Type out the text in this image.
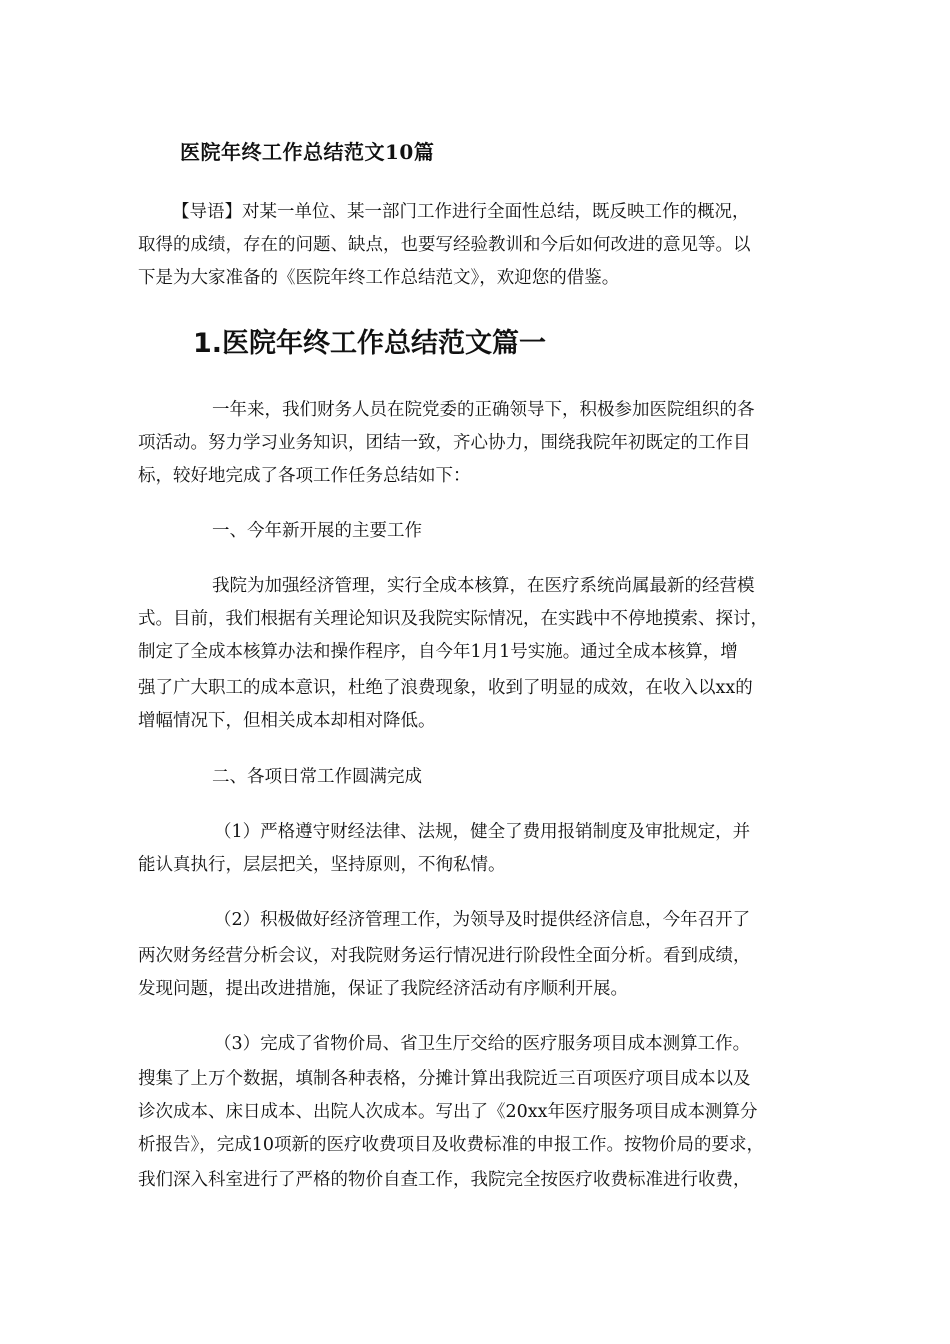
医院年终工作总结范文10篇
【导语】对某一单位、某一部门工作进行全面性总结，既反映工作的概况，
取得的成绩，存在的问题、缺点，也要写经验教训和今后如何改进的意见等。以
下是为大家准备的《医院年终工作总结范文》，欢迎您的借鉴。
1.医院年终工作总结范文篇一
一年来，我们财务人员在院党委的正确领导下，积极参加医院组织的各
项活动。努力学习业务知识，团结一致，齐心协力，围绕我院年初既定的工作目
标，较好地完成了各项工作任务总结如下：
一、今年新开展的主要工作
我院为加强经济管理，实行全成本核算，在医疗系统尚属最新的经营模
式。目前，我们根据有关理论知识及我院实际情况，在实践中不停地摸索、探讨，
制定了全成本核算办法和操作程序，自今年1月1号实施。通过全成本核算，增
强了广大职工的成本意识，杜绝了浪费现象，收到了明显的成效，在收入以xx的
增幅情况下，但相关成本却相对降低。
二、各项日常工作圆满完成
（1）严格遵守财经法律、法规，健全了费用报销制度及审批规定，并
能认真执行，层层把关，坚持原则，不徇私情。
（2）积极做好经济管理工作，为领导及时提供经济信息，今年召开了
两次财务经营分析会议，对我院财务运行情况进行阶段性全面分析。看到成绩，
发现问题，提出改进措施，保证了我院经济活动有序顺利开展。
（3）完成了省物价局、省卫生厅交给的医疗服务项目成本测算工作。
搜集了上万个数据，填制各种表格，分摊计算出我院近三百项医疗项目成本以及
诊次成本、床日成本、出院人次成本。写出了《20xx年医疗服务项目成本测算分
析报告》，完成10项新的医疗收费项目及收费标准的申报工作。按物价局的要求，
我们深入科室进行了严格的物价自查工作，我院完全按医疗收费标准进行收费，
